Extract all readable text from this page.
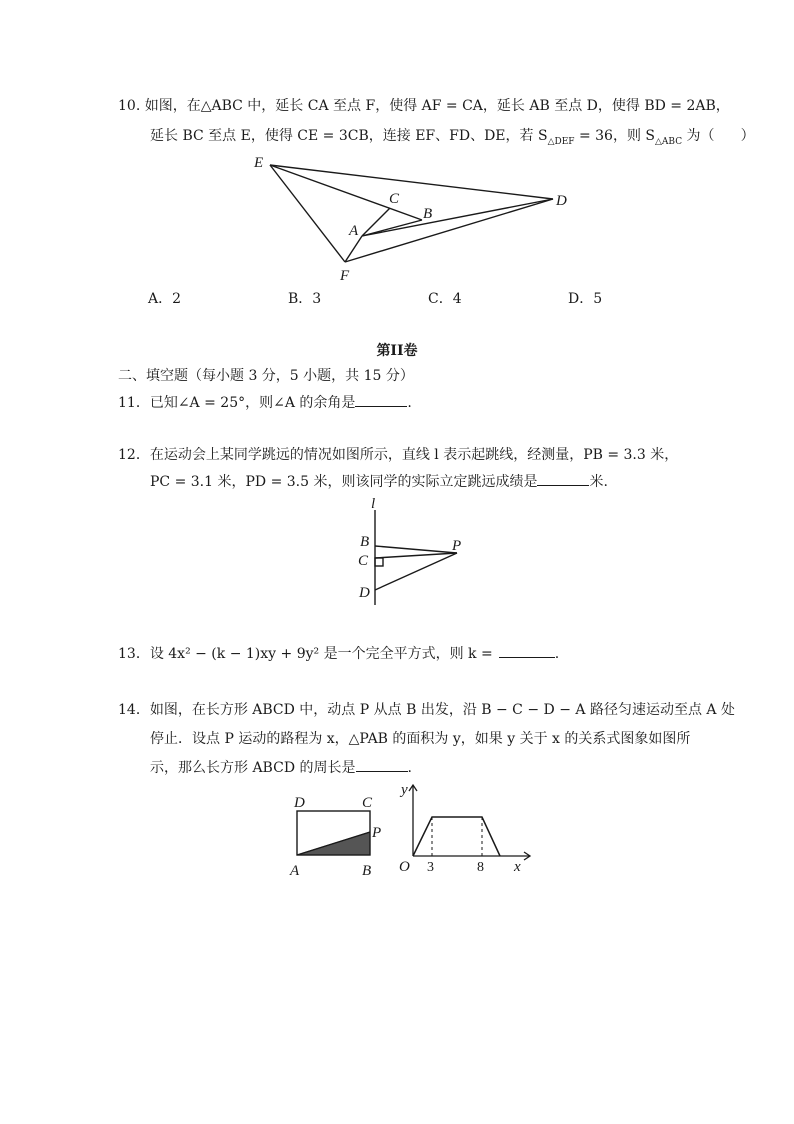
10. 如图，在△ABC 中，延长 CA 至点 F，使得 AF = CA，延长 AB 至点 D，使得 BD = 2AB，
延长 BC 至点 E，使得 CE = 3CB，连接 EF、FD、DE，若 $S_{\triangle DEF} = 36$，则 $S_{\triangle ABC}$ 为（ ）
E
C
B
D
A
F
A．2	B．3	C．4	D．5
第II卷
二、填空题（每小题 3 分，5 小题，共 15 分）
11．已知∠A = 25°，则∠A 的余角是	.
12．在运动会上某同学跳远的情况如图所示，直线 l 表示起跳线，经测量，PB = 3.3 米，
PC = 3.1 米，PD = 3.5 米，则该同学的实际立定跳远成绩是	米.
l
B
C
D
P
13．设 4x² − (k − 1)xy + 9y² 是一个完全平方式，则 k =	.
14．如图，在长方形 ABCD 中，动点 P 从点 B 出发，沿 B − C − D − A 路径匀速运动至点 A 处
停止．设点 P 运动的路程为 x，△PAB 的面积为 y，如果 y 关于 x 的关系式图象如图所
示，那么长方形 ABCD 的周长是	.
D	C
P
A	B
y
O	x
3	8
